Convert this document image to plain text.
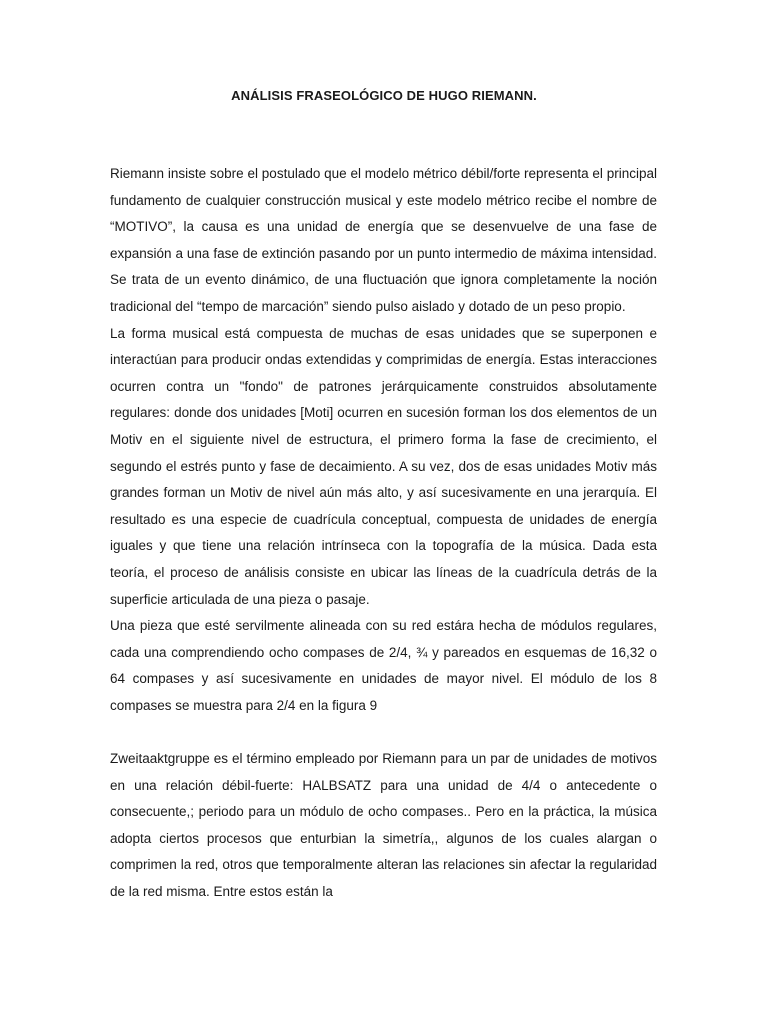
ANÁLISIS FRASEOLÓGICO DE HUGO RIEMANN.

Riemann insiste sobre el postulado que el modelo métrico débil/forte representa el principal fundamento de cualquier construcción musical y este modelo métrico recibe el nombre de “MOTIVO”, la causa es una unidad de energía que se desenvuelve de una fase de expansión a una fase de extinción pasando por un punto intermedio de máxima intensidad. Se trata de un evento dinámico, de una fluctuación que ignora completamente la noción tradicional del “tempo de marcación” siendo pulso aislado y dotado de un peso propio.

La forma musical está compuesta de muchas de esas unidades que se superponen e interactúan para producir ondas extendidas y comprimidas de energía. Estas interacciones ocurren contra un "fondo" de patrones jerárquicamente construidos absolutamente regulares: donde dos unidades [Moti] ocurren en sucesión forman los dos elementos de un Motiv en el siguiente nivel de estructura, el primero forma la fase de crecimiento, el segundo el estrés punto y fase de decaimiento. A su vez, dos de esas unidades Motiv más grandes forman un Motiv de nivel aún más alto, y así sucesivamente en una jerarquía. El resultado es una especie de cuadrícula conceptual, compuesta de unidades de energía iguales y que tiene una relación intrínseca con la topografía de la música. Dada esta teoría, el proceso de análisis consiste en ubicar las líneas de la cuadrícula detrás de la superficie articulada de una pieza o pasaje.

Una pieza que esté servilmente alineada con su red estára hecha de módulos regulares, cada una comprendiendo ocho compases de 2/4, ¾ y pareados en esquemas de 16,32 o 64 compases y así sucesivamente en unidades de mayor nivel. El módulo de los 8 compases se muestra para 2/4 en la figura 9

Zweitaaktgruppe es el término empleado por Riemann para un par de unidades de motivos en una relación débil-fuerte: HALBSATZ para una unidad de 4/4 o antecedente o consecuente,; periodo para un módulo de ocho compases.. Pero en la práctica, la música adopta ciertos procesos que enturbian la simetría,, algunos de los cuales alargan o comprimen la red, otros que temporalmente alteran las relaciones sin afectar la regularidad de la red misma. Entre estos están la
